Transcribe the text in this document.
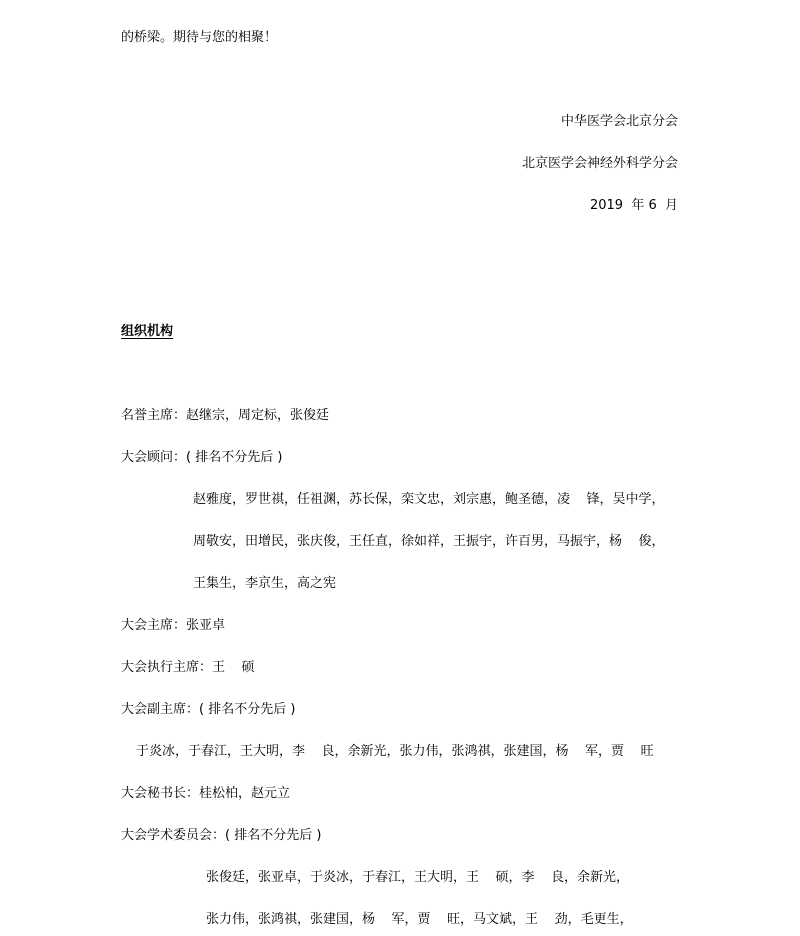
的桥梁。期待与您的相聚！

中华医学会北京分会

北京医学会神经外科学分会

2019  年 6  月

组织机构

名誉主席：赵继宗，周定标，张俊廷

大会顾问：( 排名不分先后 )

赵雅度，罗世祺，任祖渊，苏长保，栾文忠，刘宗惠，鲍圣德，凌    锋，吴中学，

周敬安，田增民，张庆俊，王任直，徐如祥，王振宇，许百男，马振宇，杨    俊，

王集生，李京生，高之宪

大会主席：张亚卓

大会执行主席：王    硕

大会副主席：( 排名不分先后 )

于炎冰，于春江，王大明，李    良，余新光，张力伟，张鸿祺，张建国，杨    军，贾    旺

大会秘书长：桂松柏，赵元立

大会学术委员会：( 排名不分先后 )

张俊廷，张亚卓，于炎冰，于春江，王大明，王    硕，李    良，余新光，

张力伟，张鸿祺，张建国，杨    军，贾    旺，马文斌，王    劲，毛更生，
